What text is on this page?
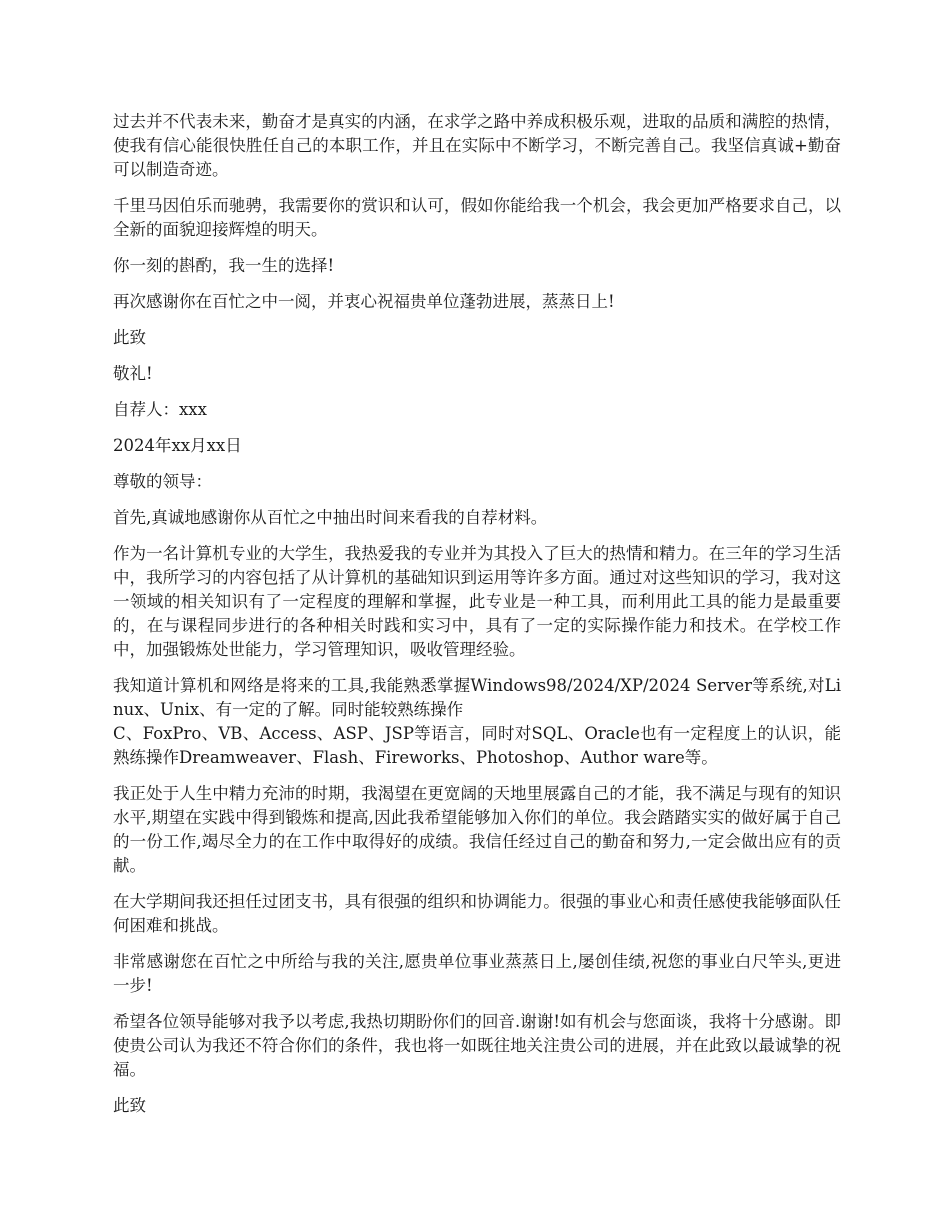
过去并不代表未来，勤奋才是真实的内涵，在求学之路中养成积极乐观，进取的品质和满腔的热情，使我有信心能很快胜任自己的本职工作，并且在实际中不断学习，不断完善自己。我坚信真诚+勤奋可以制造奇迹。

千里马因伯乐而驰骋，我需要你的赏识和认可，假如你能给我一个机会，我会更加严格要求自己，以全新的面貌迎接辉煌的明天。

你一刻的斟酌，我一生的选择!

再次感谢你在百忙之中一阅，并衷心祝福贵单位蓬勃进展，蒸蒸日上!

此致

敬礼!

自荐人：xxx

2024年xx月xx日

尊敬的领导：

首先,真诚地感谢你从百忙之中抽出时间来看我的自荐材料。

作为一名计算机专业的大学生，我热爱我的专业并为其投入了巨大的热情和精力。在三年的学习生活中，我所学习的内容包括了从计算机的基础知识到运用等许多方面。通过对这些知识的学习，我对这一领域的相关知识有了一定程度的理解和掌握，此专业是一种工具，而利用此工具的能力是最重要的，在与课程同步进行的各种相关时践和实习中，具有了一定的实际操作能力和技术。在学校工作中，加强锻炼处世能力，学习管理知识，吸收管理经验。

我知道计算机和网络是将来的工具,我能熟悉掌握Windows98/2024/XP/2024 Server等系统,对Linux、Unix、有一定的了解。同时能较熟练操作
C、FoxPro、VB、Access、ASP、JSP等语言，同时对SQL、Oracle也有一定程度上的认识，能熟练操作Dreamweaver、Flash、Fireworks、Photoshop、Author ware等。

我正处于人生中精力充沛的时期，我渴望在更宽阔的天地里展露自己的才能，我不满足与现有的知识水平,期望在实践中得到锻炼和提高,因此我希望能够加入你们的单位。我会踏踏实实的做好属于自己的一份工作,竭尽全力的在工作中取得好的成绩。我信任经过自己的勤奋和努力,一定会做出应有的贡献。

在大学期间我还担任过团支书，具有很强的组织和协调能力。很强的事业心和责任感使我能够面队任何困难和挑战。

非常感谢您在百忙之中所给与我的关注,愿贵单位事业蒸蒸日上,屡创佳绩,祝您的事业白尺竿头,更进一步!

希望各位领导能够对我予以考虑,我热切期盼你们的回音.谢谢!如有机会与您面谈，我将十分感谢。即使贵公司认为我还不符合你们的条件，我也将一如既往地关注贵公司的进展，并在此致以最诚挚的祝福。

此致
